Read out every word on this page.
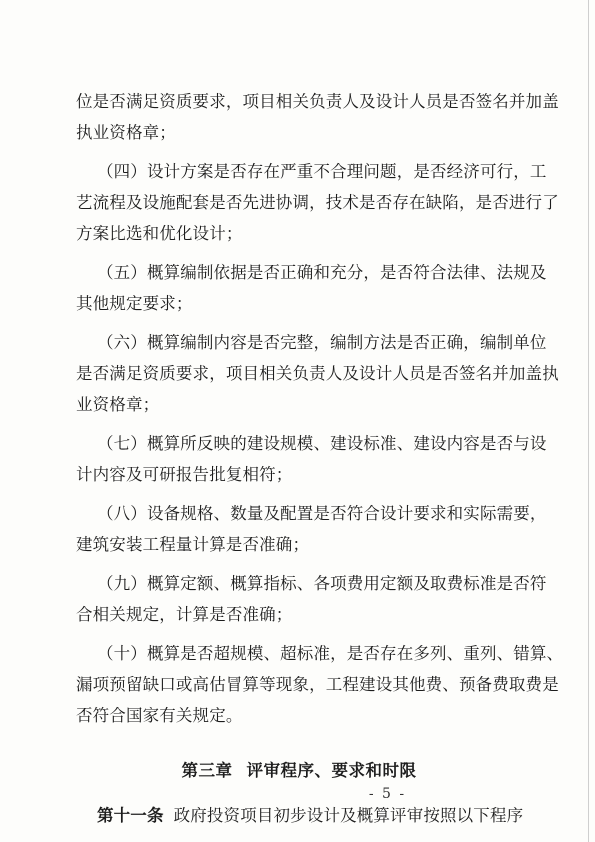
位是否满足资质要求，项目相关负责人及设计人员是否签名并加盖
执业资格章；
（四）设计方案是否存在严重不合理问题，是否经济可行，工
艺流程及设施配套是否先进协调，技术是否存在缺陷，是否进行了
方案比选和优化设计；
（五）概算编制依据是否正确和充分，是否符合法律、法规及
其他规定要求；
（六）概算编制内容是否完整，编制方法是否正确，编制单位
是否满足资质要求，项目相关负责人及设计人员是否签名并加盖执
业资格章；
（七）概算所反映的建设规模、建设标准、建设内容是否与设
计内容及可研报告批复相符；
（八）设备规格、数量及配置是否符合设计要求和实际需要，
建筑安装工程量计算是否准确；
（九）概算定额、概算指标、各项费用定额及取费标准是否符
合相关规定，计算是否准确；
（十）概算是否超规模、超标准，是否存在多列、重列、错算、
漏项预留缺口或高估冒算等现象，工程建设其他费、预备费取费是
否符合国家有关规定。
第三章 评审程序、要求和时限
第十一条 政府投资项目初步设计及概算评审按照以下程序
- 5 -
